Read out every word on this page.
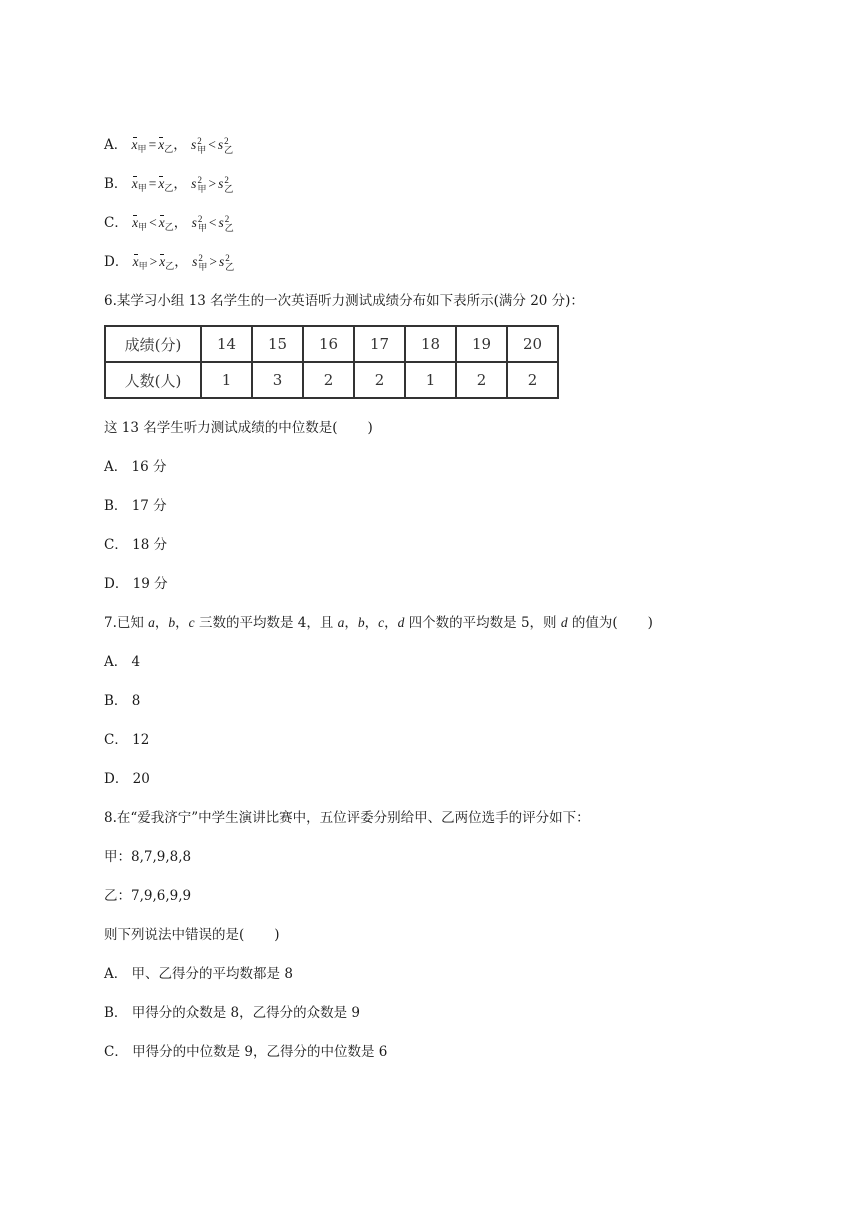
A． $x_甲 = x_乙$， s 2
甲 < s 2
乙
B． $x_甲 = x_乙$， s 2
甲 > s 2
乙
C． $x_甲 < x_乙$， s 2
甲 < s 2
乙
D． $x_甲 > x_乙$， s 2
甲 > s 2
乙
6.某学习小组 13 名学生的一次英语听力测试成绩分布如下表所示(满分 20 分)：
成绩(分)	14	15	16	17	18	19	20
人数(人)	1	3	2	2	1	2	2
这 13 名学生听力测试成绩的中位数是( )
A． 16 分
B． 17 分
C． 18 分
D． 19 分
7.已知 a，b，c 三数的平均数是 4，且 a，b，c，d 四个数的平均数是 5，则 d 的值为( )
A． 4
B． 8
C． 12
D． 20
8.在“爱我济宁”中学生演讲比赛中，五位评委分别给甲、乙两位选手的评分如下：
甲：8,7,9,8,8
乙：7,9,6,9,9
则下列说法中错误的是( )
A． 甲、乙得分的平均数都是 8
B． 甲得分的众数是 8，乙得分的众数是 9
C． 甲得分的中位数是 9，乙得分的中位数是 6
